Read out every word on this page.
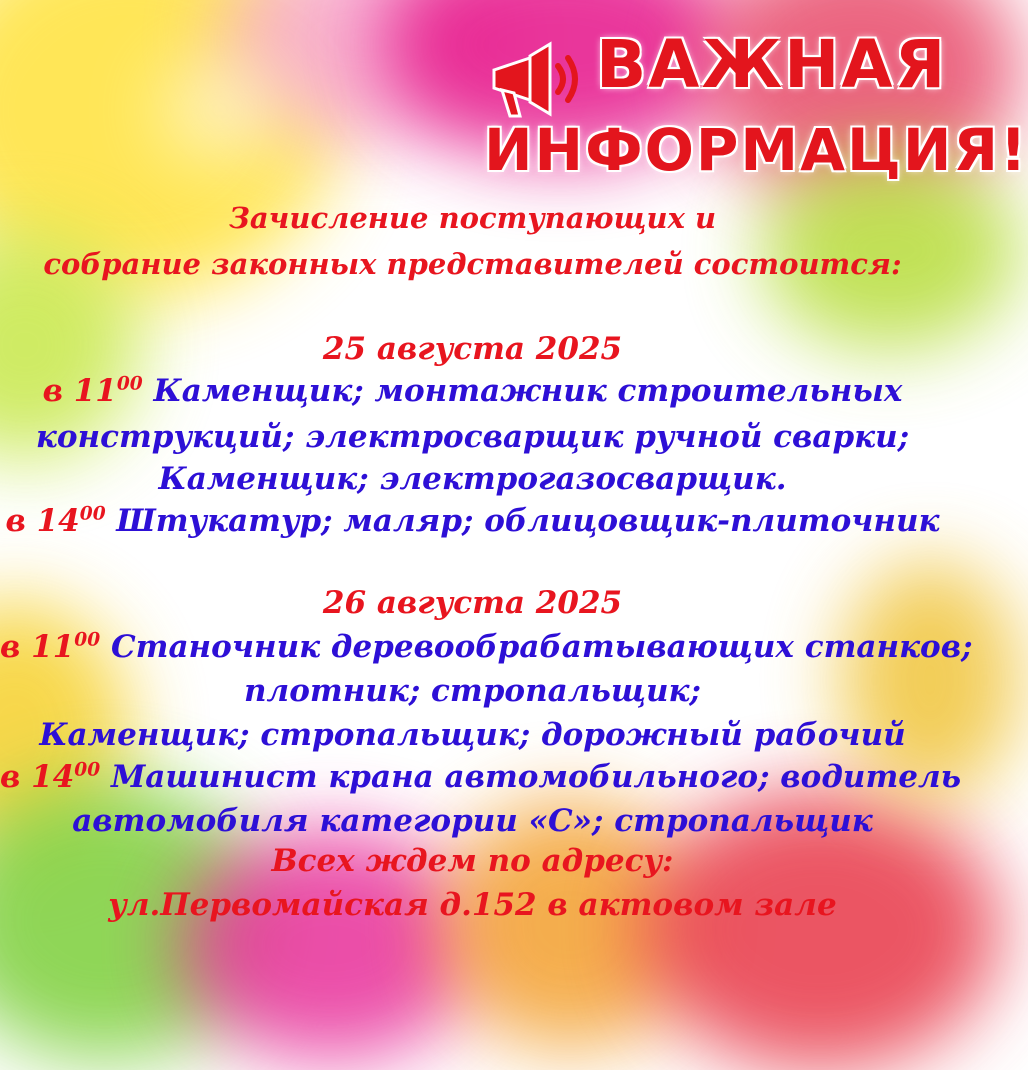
ВАЖНАЯ
ИНФОРМАЦИЯ!
Зачисление поступающих и
собрание законных представителей состоится:
25 августа 2025
в $11^{00}$ Каменщик; монтажник строительных
конструкций; электросварщик ручной сварки;
Каменщик; электрогазосварщик.
в $14^{00}$ Штукатур; маляр; облицовщик-плиточник
26 августа 2025
в $11^{00}$ Станочник деревообрабатывающих станков;
плотник; стропальщик;
Каменщик; стропальщик; дорожный рабочий
в $14^{00}$ Машинист крана автомобильного; водитель
автомобиля категории «С»; стропальщик
Всех ждем по адресу:
ул.Первомайская д.152 в актовом зале
